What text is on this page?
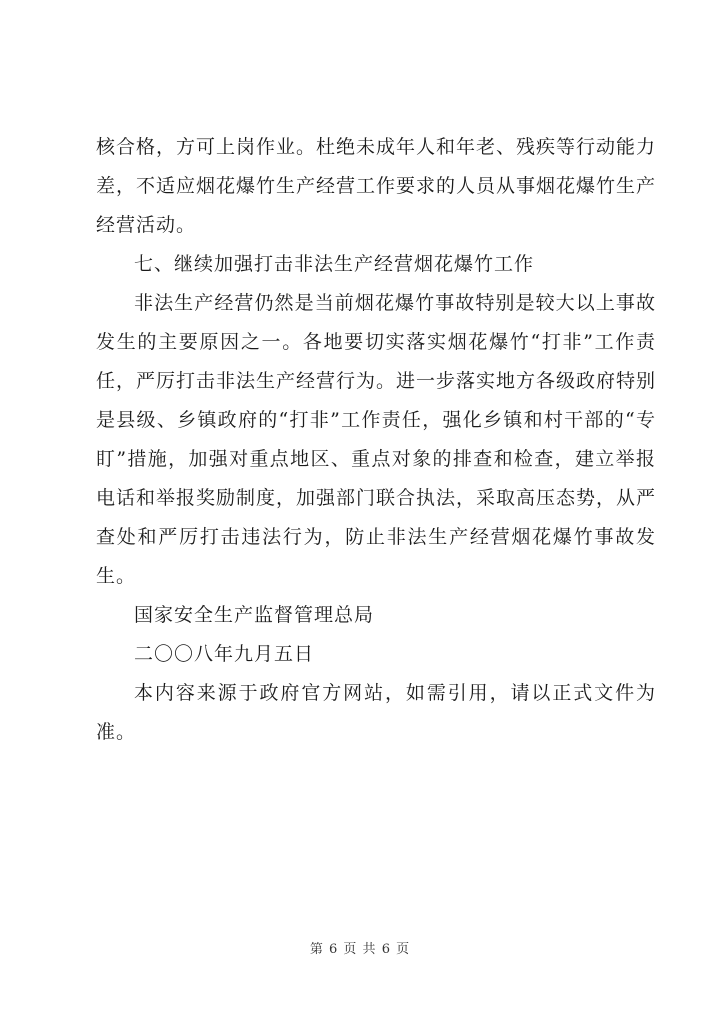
核合格，方可上岗作业。杜绝未成年人和年老、残疾等行动能力差，不适应烟花爆竹生产经营工作要求的人员从事烟花爆竹生产经营活动。

七、继续加强打击非法生产经营烟花爆竹工作

非法生产经营仍然是当前烟花爆竹事故特别是较大以上事故发生的主要原因之一。各地要切实落实烟花爆竹“打非”工作责任，严厉打击非法生产经营行为。进一步落实地方各级政府特别是县级、乡镇政府的“打非”工作责任，强化乡镇和村干部的“专盯”措施，加强对重点地区、重点对象的排查和检查，建立举报电话和举报奖励制度，加强部门联合执法，采取高压态势，从严查处和严厉打击违法行为，防止非法生产经营烟花爆竹事故发生。

国家安全生产监督管理总局

二〇〇八年九月五日

本内容来源于政府官方网站，如需引用，请以正式文件为准。

第 6 页 共 6 页
